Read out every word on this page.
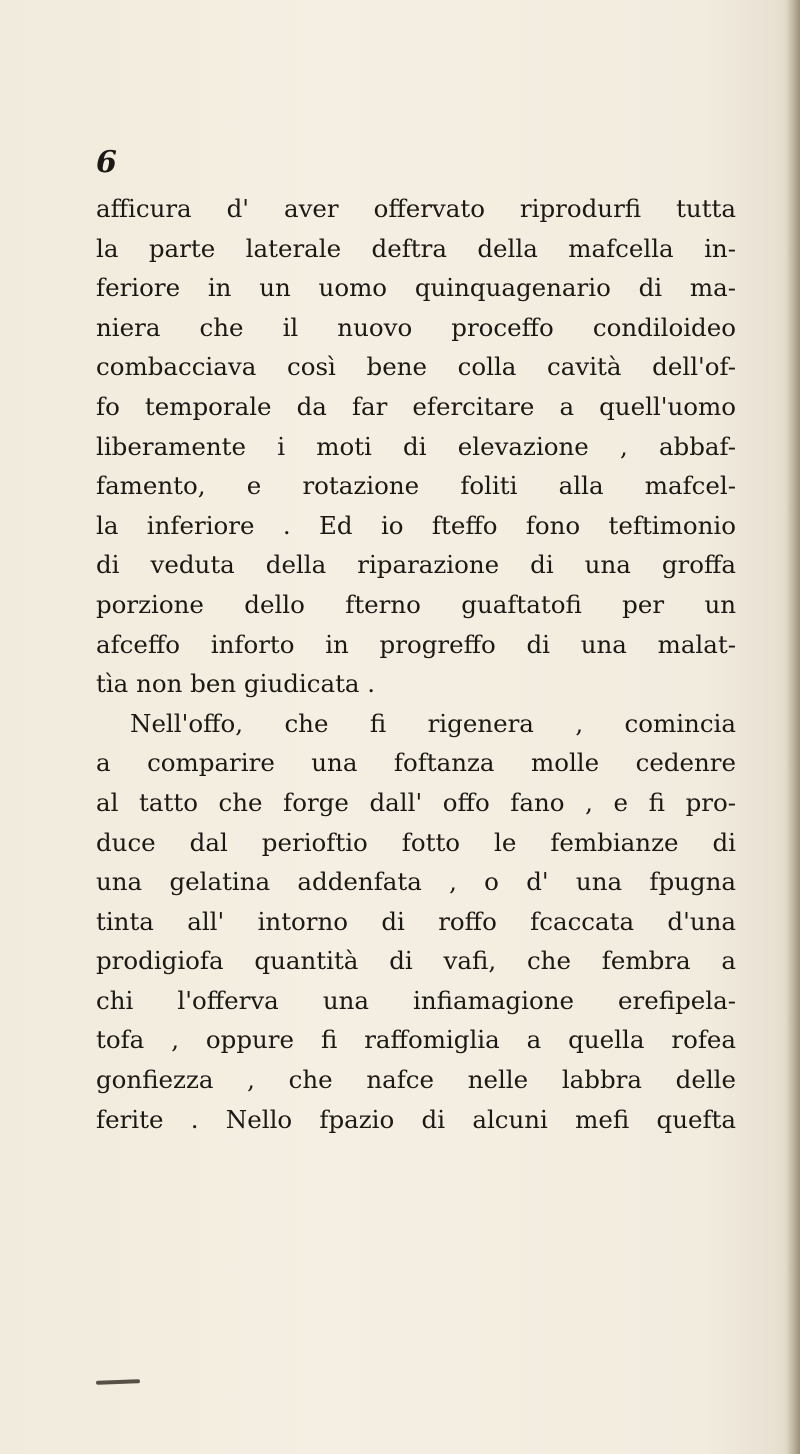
6
afficura d' aver offervato riprodurfi tutta
la parte laterale deftra della mafcella in-
feriore in un uomo quinquagenario di ma-
niera che il nuovo proceffo condiloideo
combacciava così bene colla cavità dell'of-
fo temporale da far efercitare a quell'uomo
liberamente i moti di elevazione , abbaf-
famento, e rotazione foliti alla mafcel-
la inferiore . Ed io fteffo fono teftimonio
di veduta della riparazione di una groffa
porzione dello fterno guaftatofi per un
afceffo inforto in progreffo di una malat-
tìa non ben giudicata .
Nell'offo, che fi rigenera , comincia
a comparire una foftanza molle cedenre
al tatto che forge dall' offo fano , e fi pro-
duce dal perioftio fotto le fembianze di
una gelatina addenfata , o d' una fpugna
tinta all' intorno di roffo fcaccata d'una
prodigiofa quantità di vafi, che fembra a
chi l'offerva una infiamagione erefipela-
tofa , oppure fi raffomiglia a quella rofea
gonfiezza , che nafce nelle labbra delle
ferite . Nello fpazio di alcuni mefi quefta
